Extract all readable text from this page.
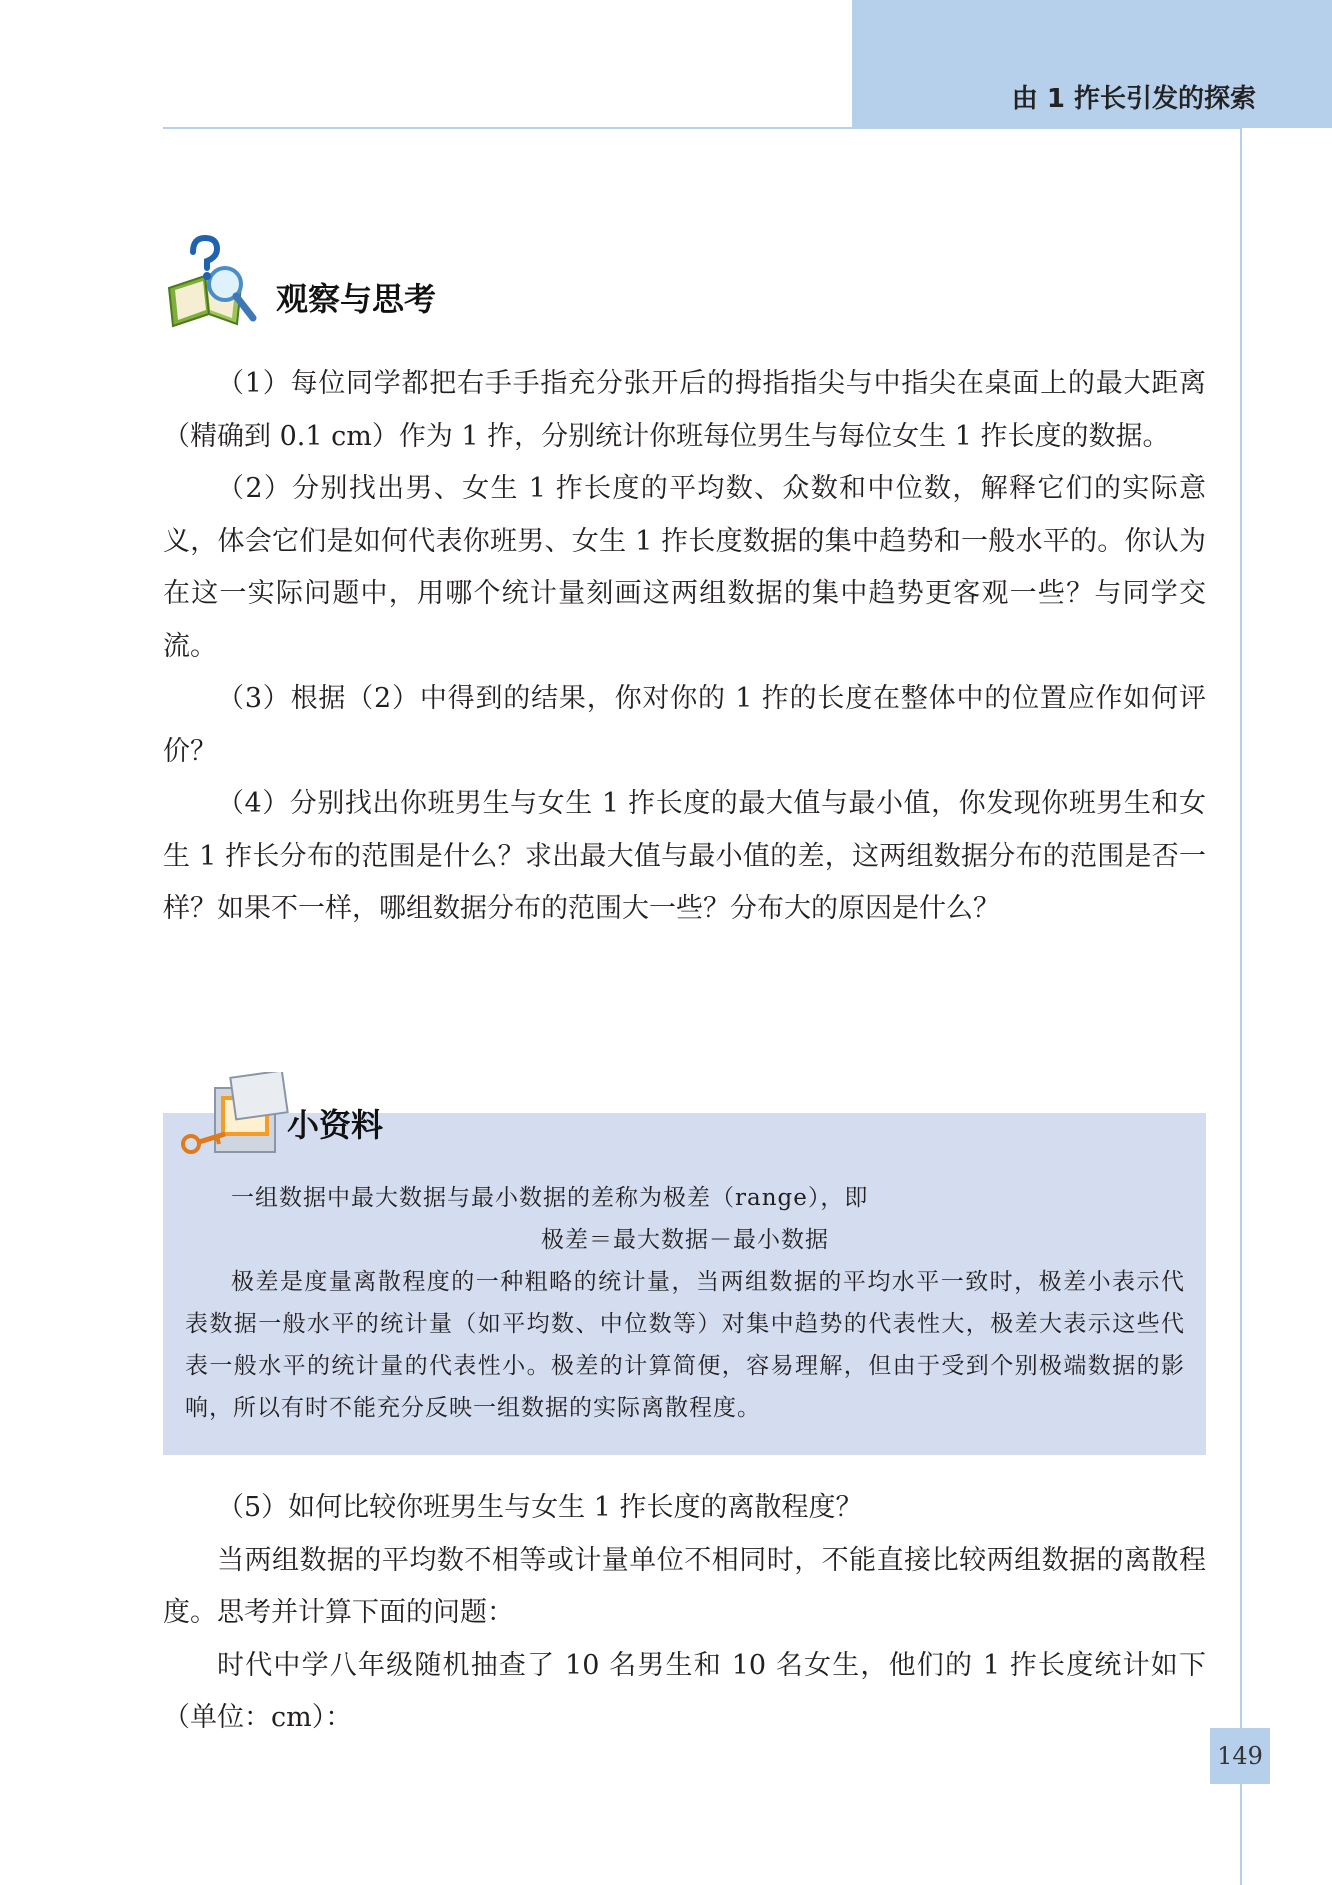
由 1 拃长引发的探索
观察与思考

（1）每位同学都把右手手指充分张开后的拇指指尖与中指尖在桌面上的最大距离（精确到 0.1 cm）作为 1 拃，分别统计你班每位男生与每位女生 1 拃长度的数据。

（2）分别找出男、女生 1 拃长度的平均数、众数和中位数，解释它们的实际意义，体会它们是如何代表你班男、女生 1 拃长度数据的集中趋势和一般水平的。你认为在这一实际问题中，用哪个统计量刻画这两组数据的集中趋势更客观一些？与同学交流。

（3）根据（2）中得到的结果，你对你的 1 拃的长度在整体中的位置应作如何评价？

（4）分别找出你班男生与女生 1 拃长度的最大值与最小值，你发现你班男生和女生 1 拃长分布的范围是什么？求出最大值与最小值的差，这两组数据分布的范围是否一样？如果不一样，哪组数据分布的范围大一些？分布大的原因是什么？

小资料

一组数据中最大数据与最小数据的差称为极差（range），即

极差＝最大数据－最小数据

极差是度量离散程度的一种粗略的统计量，当两组数据的平均水平一致时，极差小表示代表数据一般水平的统计量（如平均数、中位数等）对集中趋势的代表性大，极差大表示这些代表一般水平的统计量的代表性小。极差的计算简便，容易理解，但由于受到个别极端数据的影响，所以有时不能充分反映一组数据的实际离散程度。

（5）如何比较你班男生与女生 1 拃长度的离散程度？

当两组数据的平均数不相等或计量单位不相同时，不能直接比较两组数据的离散程度。思考并计算下面的问题：

时代中学八年级随机抽查了 10 名男生和 10 名女生，他们的 1 拃长度统计如下（单位：cm）：

149
